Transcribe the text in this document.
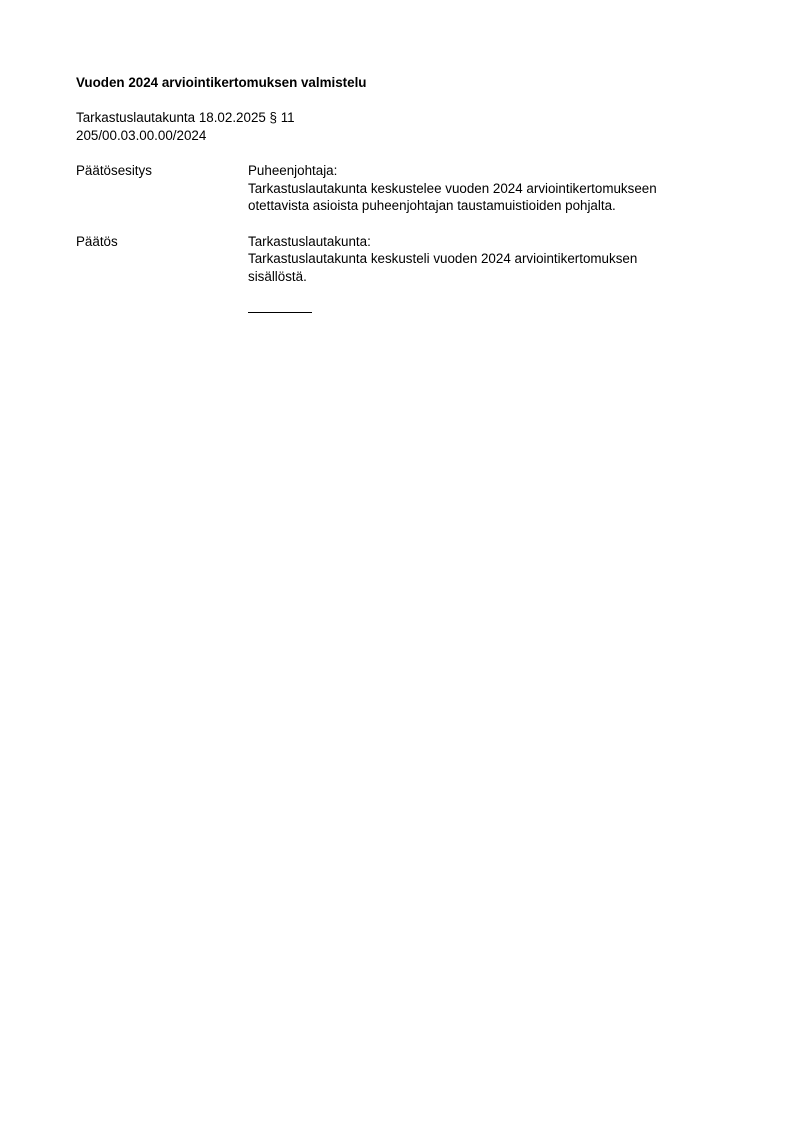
Vuoden 2024 arviointikertomuksen valmistelu
Tarkastuslautakunta 18.02.2025 § 11
205/00.03.00.00/2024
Päätösesitys	Puheenjohtaja:
Tarkastuslautakunta keskustelee vuoden 2024 arviointikertomukseen
otettavista asioista puheenjohtajan taustamuistioiden pohjalta.
Päätös	Tarkastuslautakunta:
Tarkastuslautakunta keskusteli vuoden 2024 arviointikertomuksen
sisällöstä.
